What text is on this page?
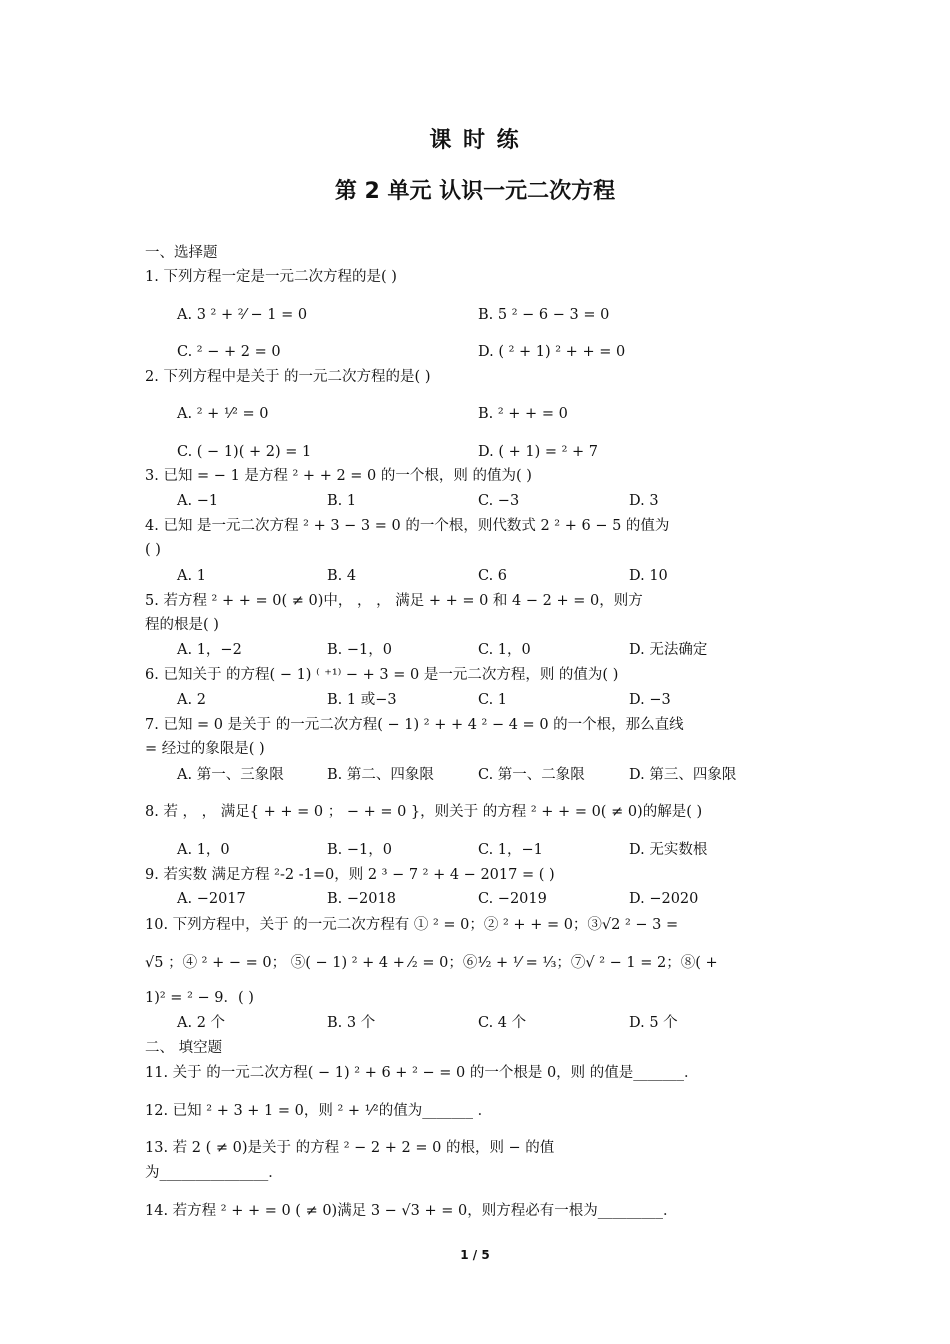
课 时 练
第 2 单元 认识一元二次方程
一、选择题
1. 下列方程一定是一元二次方程的是( )
A. 3 ² + ²⁄ − 1 = 0	B. 5 ² − 6 − 3 = 0
C. ² − + 2 = 0	D. ( ² + 1) ² + + = 0
2. 下列方程中是关于 的一元二次方程的是( )
A. ² + ¹⁄² = 0	B. ² + + = 0
C. ( − 1)( + 2) = 1	D. ( + 1) = ² + 7
3. 已知 = − 1 是方程 ² + + 2 = 0 的一个根，则 的值为( )
A. −1	B. 1	C. −3	D. 3
4. 已知 是一元二次方程 ² + 3 − 3 = 0 的一个根，则代数式 2 ² + 6 − 5 的值为
( )
A. 1	B. 4	C. 6	D. 10
5. 若方程 ² + + = 0( ≠ 0)中， ， ， 满足 + + = 0 和 4 − 2 + = 0，则方
程的根是( )
A. 1，−2	B. −1，0	C. 1，0	D. 无法确定
6. 已知关于 的方程( − 1) ⁽ ⁺¹⁾ − + 3 = 0 是一元二次方程，则 的值为( )
A. 2	B. 1 或−3	C. 1	D. −3
7. 已知 = 0 是关于 的一元二次方程( − 1) ² + + 4 ² − 4 = 0 的一个根，那么直线
= 经过的象限是( )
A. 第一、三象限	B. 第二、四象限	C. 第一、二象限	D. 第三、四象限
8. 若 ， ， 满足{ + + = 0 ； − + = 0 }，则关于 的方程 ² + + = 0( ≠ 0)的解是( )
A. 1，0	B. −1，0	C. 1，−1	D. 无实数根
9. 若实数 满足方程 ²-2 -1=0，则 2 ³ − 7 ² + 4 − 2017 = ( )
A. −2017	B. −2018	C. −2019	D. −2020
10. 下列方程中，关于 的一元二次方程有 ① ² = 0；② ² + + = 0；③√2 ² − 3 =
√5 ；④ ² + − = 0； ⑤( − 1) ² + 4 + ⁄₂ = 0；⑥¹⁄₂ + ¹⁄ = ¹⁄₃；⑦√ ² − 1 = 2；⑧( +
1)² = ² − 9．( )
A. 2 个	B. 3 个	C. 4 个	D. 5 个
二、 填空题
11. 关于 的一元二次方程( − 1) ² + 6 + ² − = 0 的一个根是 0，则 的值是_______．
12. 已知 ² + 3 + 1 = 0，则 ² + ¹⁄²的值为_______ ．
13. 若 2 ( ≠ 0)是关于 的方程 ² − 2 + 2 = 0 的根，则 − 的值
为_______________．
14. 若方程 ² + + = 0 ( ≠ 0)满足 3 − √3 + = 0，则方程必有一根为_________．
1 / 5
